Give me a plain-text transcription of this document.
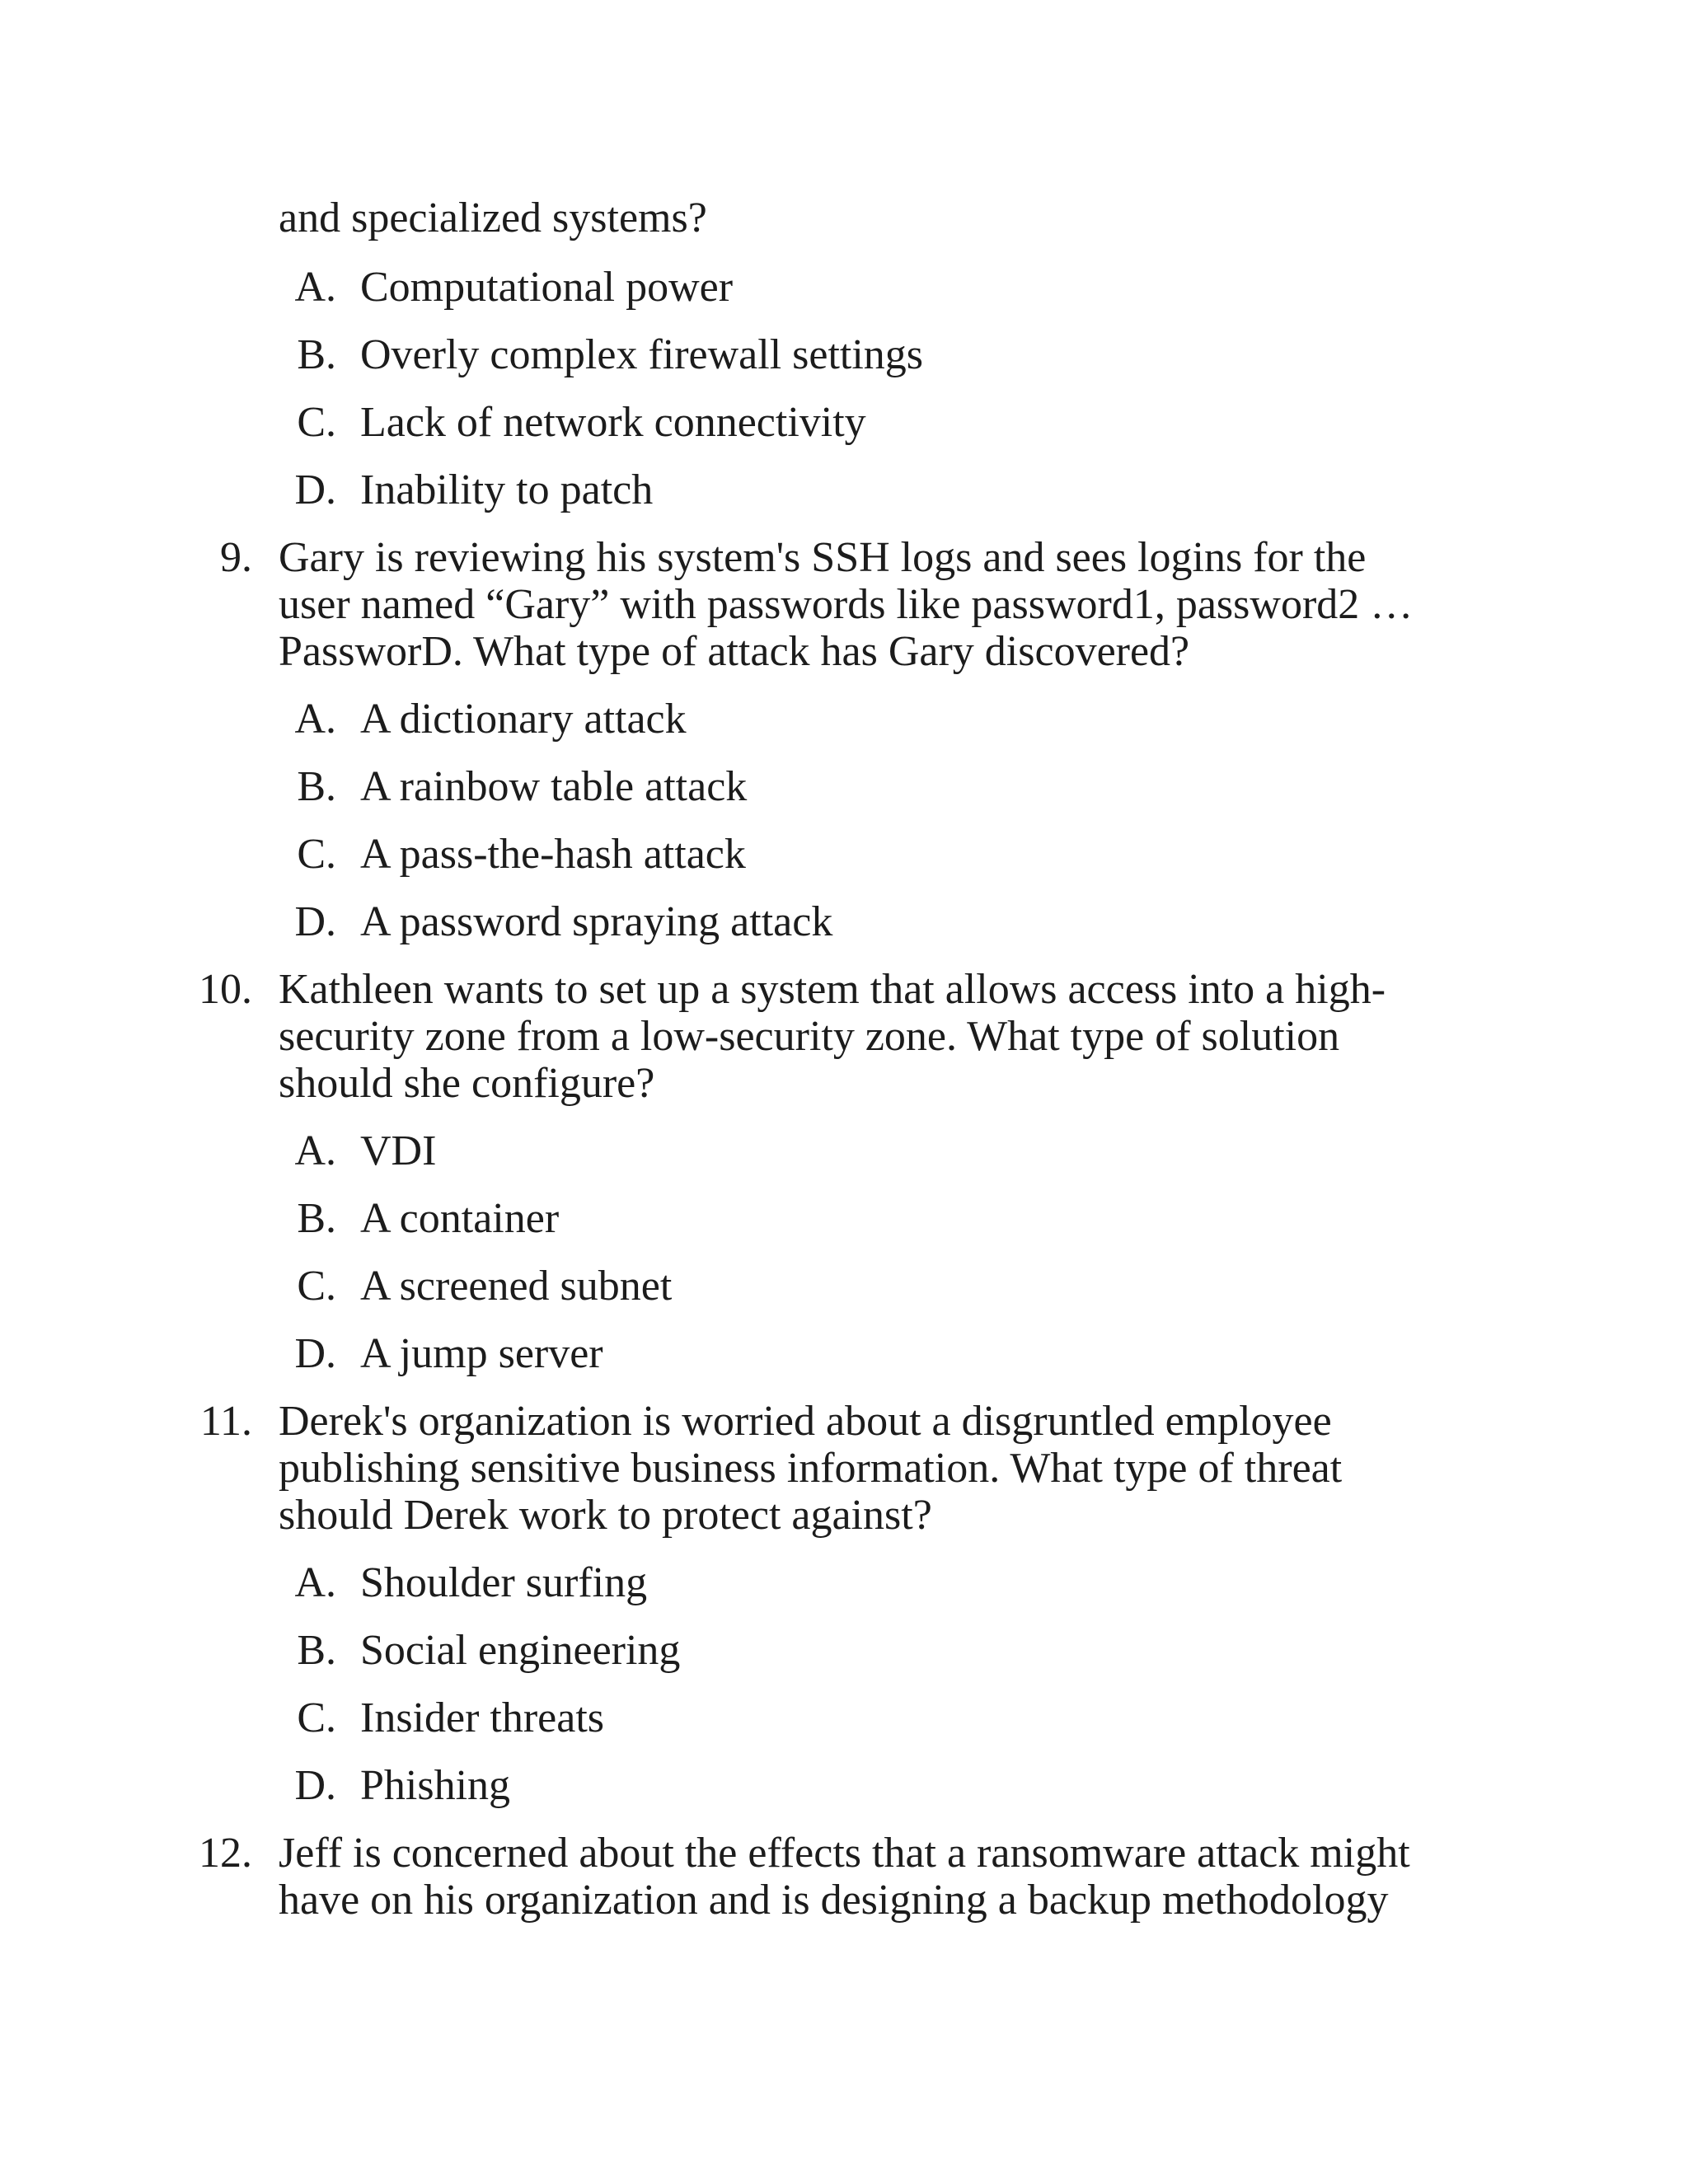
and specialized systems?
A. Computational power
B. Overly complex firewall settings
C. Lack of network connectivity
D. Inability to patch
9. Gary is reviewing his system's SSH logs and sees logins for the
user named “Gary” with passwords like password1, password2 …
PassworD. What type of attack has Gary discovered?
A. A dictionary attack
B. A rainbow table attack
C. A pass-the-hash attack
D. A password spraying attack
10. Kathleen wants to set up a system that allows access into a high-
security zone from a low-security zone. What type of solution
should she configure?
A. VDI
B. A container
C. A screened subnet
D. A jump server
11. Derek's organization is worried about a disgruntled employee
publishing sensitive business information. What type of threat
should Derek work to protect against?
A. Shoulder surfing
B. Social engineering
C. Insider threats
D. Phishing
12. Jeff is concerned about the effects that a ransomware attack might
have on his organization and is designing a backup methodology
